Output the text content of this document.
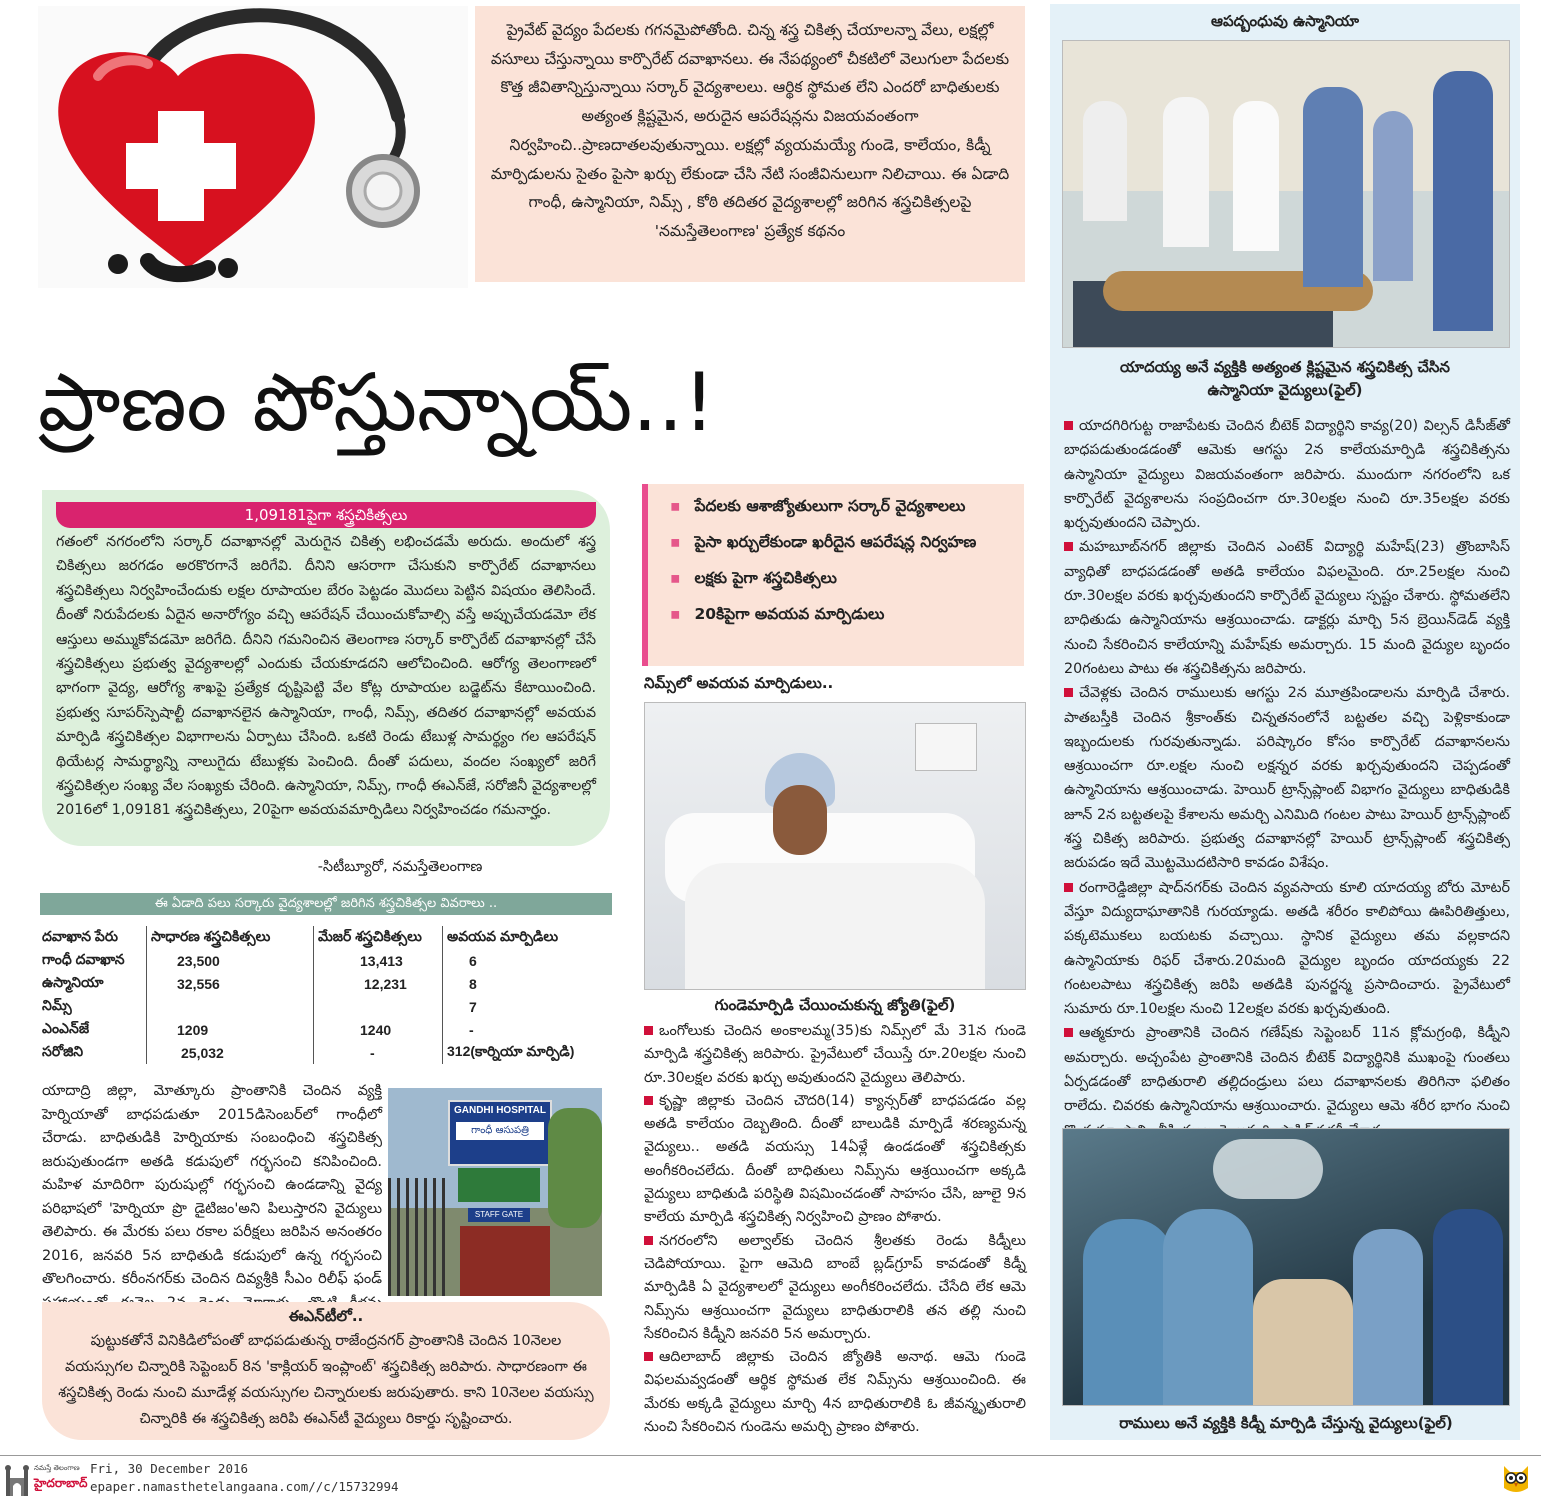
ప్రైవేట్ వైద్యం పేదలకు గగనమైపోతోంది. చిన్న శస్త్ర చికిత్స చేయాలన్నా వేలు, లక్షల్లో వసూలు చేస్తున్నాయి కార్పొరేట్ దవాఖానలు. ఈ నేపథ్యంలో చీకటిలో వెలుగులా పేదలకు కొత్త జీవితాన్నిస్తున్నాయి సర్కార్ వైద్యశాలలు. ఆర్థిక స్థోమత లేని ఎందరో బాధితులకు అత్యంత క్లిష్టమైన, అరుదైన ఆపరేషన్లను విజయవంతంగా నిర్వహించి..ప్రాణదాతలవుతున్నాయి. లక్షల్లో వ్యయమయ్యే గుండె, కాలేయం, కిడ్నీ మార్పిడులను సైతం పైసా ఖర్చు లేకుండా చేసి నేటి సంజీవినులుగా నిలిచాయి. ఈ ఏడాది గాంధీ, ఉస్మానియా, నిమ్స్ , కోఠి తదితర వైద్యశాలల్లో జరిగిన శస్త్రచికిత్సలపై 'నమస్తేతెలంగాణ' ప్రత్యేక కథనం

ప్రాణం పోస్తున్నాయ్..!
1,09181పైగా శస్త్రచికిత్సలు

గతంలో నగరంలోని సర్కార్ దవాఖానల్లో మెరుగైన చికిత్స లభించడమే అరుదు. అందులో శస్త్ర చికిత్సలు జరగడం అరకొరగానే జరిగేవి. దీనిని ఆసరాగా చేసుకుని కార్పొరేట్ దవాఖానలు శస్త్రచికిత్సలు నిర్వహించేందుకు లక్షల రూపాయల బేరం పెట్టడం మొదలు పెట్టిన విషయం తెలిసిందే. దీంతో నిరుపేదలకు ఏదైన అనారోగ్యం వచ్చి ఆపరేషన్ చేయించుకోవాల్సి వస్తే అప్పుచేయడమో లేక ఆస్తులు అమ్ముకోవడమో జరిగేది. దీనిని గమనించిన తెలంగాణ సర్కార్ కార్పొరేట్ దవాఖానల్లో చేసే శస్త్రచికిత్సలు ప్రభుత్వ వైద్యశాలల్లో ఎందుకు చేయకూడదని ఆలోచించింది. ఆరోగ్య తెలంగాణలో భాగంగా వైద్య, ఆరోగ్య శాఖపై ప్రత్యేక దృష్టిపెట్టి వేల కోట్ల రూపాయల బడ్జెట్‌ను కేటాయించింది. ప్రభుత్వ సూపర్‌స్పెషాల్టీ దవాఖానలైన ఉస్మానియా, గాంధీ, నిమ్స్, తదితర దవాఖానల్లో అవయవ మార్పిడి శస్త్రచికిత్సల విభాగాలను ఏర్పాటు చేసింది. ఒకటి రెండు టేబుళ్ల సామర్థ్యం గల ఆపరేషన్ థియేటర్ల సామర్థ్యాన్ని నాలుగైదు టేబుళ్లకు పెంచింది. దీంతో పదులు, వందల సంఖ్యలో జరిగే శస్త్రచికిత్సల సంఖ్య వేల సంఖ్యకు చేరింది. ఉస్మానియా, నిమ్స్, గాంధీ ఈఎన్‌జే, సరోజినీ వైద్యశాలల్లో 2016లో 1,09181 శస్త్రచికిత్సలు, 20పైగా అవయవమార్పిడిలు నిర్వహించడం గమనార్హం.

-సిటీబ్యూరో, నమస్తేతెలంగాణ
ఈ ఏడాది పలు సర్కారు వైద్యశాలల్లో జరిగిన శస్త్రచికిత్సల వివరాలు ..
దవాఖాన పేరు	సాధారణ శస్త్రచికిత్సలు	మేజర్ శస్త్రచికిత్సలు	అవయవ మార్పిడిలు
గాంధీ దవాఖాన	23,500	13,413	6
ఉస్మానియా	32,556	12,231	8
నిమ్స్			7
ఎంఎన్‌జే	1209	1240	-
సరోజిని	25,032	-	312(కార్నియా మార్పిడి)
GANDHI HOSPITAL
గాంధీ ఆసుపత్రి
STAFF GATE

యాదాద్రి జిల్లా, మోత్కూరు ప్రాంతానికి చెందిన వ్యక్తి హెర్నియాతో బాధపడుతూ 2015డిసెంబర్‌లో గాంధీలో చేరాడు. బాధితుడికి హెర్నియాకు సంబంధించి శస్త్రచికిత్స జరుపుతుండగా అతడి కడుపులో గర్భసంచి కనిపించింది. మహిళ మాదిరిగా పురుషుల్లో గర్భసంచి ఉండడాన్ని వైద్య పరిభాషలో 'హెర్నియా ప్రొ డైటిజం'అని పిలుస్తారని వైద్యులు తెలిపారు. ఈ మేరకు పలు రకాల పరీక్షలు జరిపిన అనంతరం 2016, జనవరి 5న బాధితుడి కడుపులో ఉన్న గర్భసంచి తొలగించారు. కరీంనగర్‌కు చెందిన దివ్యశ్రీకి సీఎం రిలీఫ్ ఫండ్

ఈఎన్‌టీలో..

పుట్టుకతోనే వినికిడిలోపంతో బాధపడుతున్న రాజేంద్రనగర్ ప్రాంతానికి చెందిన 10నెలల వయస్సుగల చిన్నారికి సెప్టెంబర్ 8న 'కాక్లియర్ ఇంప్లాంట్' శస్త్రచికిత్స జరిపారు. సాధారణంగా ఈ శస్త్రచికిత్స రెండు నుంచి మూడేళ్ల వయస్సుగల చిన్నారులకు జరుపుతారు. కాని 10నెలల వయస్సు చిన్నారికి ఈ శస్త్రచికిత్స జరిపి ఈఎన్‌టీ వైద్యులు రికార్డు సృష్టించారు.

▪ పేదలకు ఆశాజ్యోతులుగా సర్కార్ వైద్యశాలలు
▪ పైసా ఖర్చులేకుండా ఖరీదైన ఆపరేషన్ల నిర్వహణ
▪ లక్షకు పైగా శస్త్రచికిత్సలు
▪ 20కిపైగా అవయవ మార్పిడులు
నిమ్స్‌లో అవయవ మార్పిడులు..
గుండెమార్పిడి చేయించుకున్న జ్యోతి(ఫైల్)

ఒంగోలుకు చెందిన అంకాలమ్మ(35)కు నిమ్స్‌లో మే 31న గుండె మార్పిడి శస్త్రచికిత్స జరిపారు. ప్రైవేటులో చేయిస్తే రూ.20లక్షల నుంచి రూ.30లక్షల వరకు ఖర్చు అవుతుందని వైద్యులు తెలిపారు.

కృష్ణా జిల్లాకు చెందిన చౌదరి(14) క్యాన్సర్‌తో బాధపడడం వల్ల అతడి కాలేయం దెబ్బతింది. దీంతో బాలుడికి మార్పిడే శరణ్యమన్న వైద్యులు.. అతడి వయస్సు 14ఏళ్లే ఉండడంతో శస్త్రచికిత్సకు అంగీకరించలేదు. దీంతో బాధితులు నిమ్స్‌ను ఆశ్రయించగా అక్కడి వైద్యులు బాధితుడి పరిస్థితి విషమించడంతో సాహసం చేసి, జూలై 9న కాలేయ మార్పిడి శస్త్రచికిత్స నిర్వహించి ప్రాణం పోశారు.

నగరంలోని అల్వాల్‌కు చెందిన శ్రీలతకు రెండు కిడ్నీలు చెడిపోయాయి. పైగా ఆమెది బాంబే బ్లడ్‌గ్రూప్ కావడంతో కిడ్నీ మార్పిడికి ఏ వైద్యశాలలో వైద్యులు అంగీకరించలేదు. చేసేది లేక ఆమె నిమ్స్‌ను ఆశ్రయించగా వైద్యులు బాధితురాలికి తన తల్లి నుంచి సేకరించిన కిడ్నీని జనవరి 5న అమర్చారు.

ఆదిలాబాద్ జిల్లాకు చెందిన జ్యోతికి అనాథ. ఆమె గుండె విఫలమవ్వడంతో ఆర్థిక స్థోమత లేక నిమ్స్‌ను ఆశ్రయించింది. ఈ మేరకు అక్కడి వైద్యులు మార్చి 4న బాధితురాలికి ఓ జీవన్మృతురాలి నుంచి సేకరించిన గుండెను అమర్చి ప్రాణం పోశారు.

ఆపద్బంధువు ఉస్మానియా
యాదయ్య అనే వ్యక్తికి అత్యంత క్లిష్టమైన శస్త్రచికిత్స చేసిన ఉస్మానియా వైద్యులు(ఫైల్)

యాదగిరిగుట్ట రాజాపేటకు చెందిన బీటెక్ విద్యార్థిని కావ్య(20) విల్సన్ డిసీజ్‌తో బాధపడుతుండడంతో ఆమెకు ఆగస్టు 2న కాలేయమార్పిడి శస్త్రచికిత్సను ఉస్మానియా వైద్యులు విజయవంతంగా జరిపారు. ముందుగా నగరంలోని ఒక కార్పొరేట్ వైద్యశాలను సంప్రదించగా రూ.30లక్షల నుంచి రూ.35లక్షల వరకు ఖర్చవుతుందని చెప్పారు.

మహబూబ్‌నగర్ జిల్లాకు చెందిన ఎంటెక్ విద్యార్థి మహేష్(23) త్రొంబాసిస్ వ్యాధితో బాధపడడంతో అతడి కాలేయం విఫలమైంది. రూ.25లక్షల నుంచి రూ.30లక్షల వరకు ఖర్చవుతుందని కార్పొరేట్ వైద్యులు స్పష్టం చేశారు. స్థోమతలేని బాధితుడు ఉస్మానియాను ఆశ్రయించాడు. డాక్టర్లు మార్చి 5న బ్రెయిన్‌డెడ్ వ్యక్తి నుంచి సేకరించిన కాలేయాన్ని మహేష్‌కు అమర్చారు. 15 మంది వైద్యుల బృందం 20గంటలు పాటు ఈ శస్త్రచికిత్సను జరిపారు.

చేవెళ్లకు చెందిన రాములుకు ఆగస్టు 2న మూత్రపిండాలను మార్పిడి చేశారు. పాతబస్తీకి చెందిన శ్రీకాంత్‌కు చిన్నతనంలోనే బట్టతల వచ్చి పెళ్లికాకుండా ఇబ్బందులకు గురవుతున్నాడు. పరిష్కారం కోసం కార్పొరేట్ దవాఖానలను ఆశ్రయించగా రూ.లక్షల నుంచి లక్షన్నర వరకు ఖర్చవుతుందని చెప్పడంతో ఉస్మానియాను ఆశ్రయించాడు. హెయిర్ ట్రాన్స్‌ప్లాంట్ విభాగం వైద్యులు బాధితుడికి జూన్ 2న బట్టతలపై కేశాలను అమర్చి ఎనిమిది గంటల పాటు హెయిర్ ట్రాన్స్‌ప్లాంట్ శస్త్ర చికిత్స జరిపారు. ప్రభుత్వ దవాఖానల్లో హెయిర్ ట్రాన్స్‌ప్లాంట్ శస్త్రచికిత్స జరుపడం ఇదే మొట్టమొదటిసారి కావడం విశేషం.

రంగారెడ్డిజిల్లా షాద్‌నగర్‌కు చెందిన వ్యవసాయ కూలి యాదయ్య బోరు మోటర్ వేస్తూ విద్యుదాఘాతానికి గురయ్యాడు. అతడి శరీరం కాలిపోయి ఊపిరితిత్తులు, పక్కటెముకలు బయటకు వచ్చాయి. స్థానిక వైద్యులు తమ వల్లకాదని ఉస్మానియాకు రిఫర్ చేశారు.20మంది వైద్యుల బృందం యాదయ్యకు 22 గంటలపాటు శస్త్రచికిత్స జరిపి అతడికి పునర్జన్మ ప్రసాదించారు. ప్రైవేటులో సుమారు రూ.10లక్షల నుంచి 12లక్షల వరకు ఖర్చవుతుంది.

ఆత్మకూరు ప్రాంతానికి చెందిన గణేష్‌కు సెప్టెంబర్ 11న క్లోమగ్రంథి, కిడ్నీని అమర్చారు. అచ్చంపేట ప్రాంతానికి చెందిన బీటెక్ విద్యార్థినికి ముఖంపై గుంతలు ఏర్పడడంతో బాధితురాలి తల్లిదండ్రులు పలు దవాఖానలకు తిరిగినా ఫలితం రాలేదు. చివరకు ఉస్మానియాను ఆశ్రయించారు. వైద్యులు ఆమె శరీర భాగం నుంచి

రాములు అనే వ్యక్తికి కిడ్నీ మార్పిడి చేస్తున్న వైద్యులు(ఫైల్)
నమస్తే తెలంగాణ
హైదరాబాద్
Fri, 30 December 2016
epaper.namasthetelangaana.com//c/15732994
